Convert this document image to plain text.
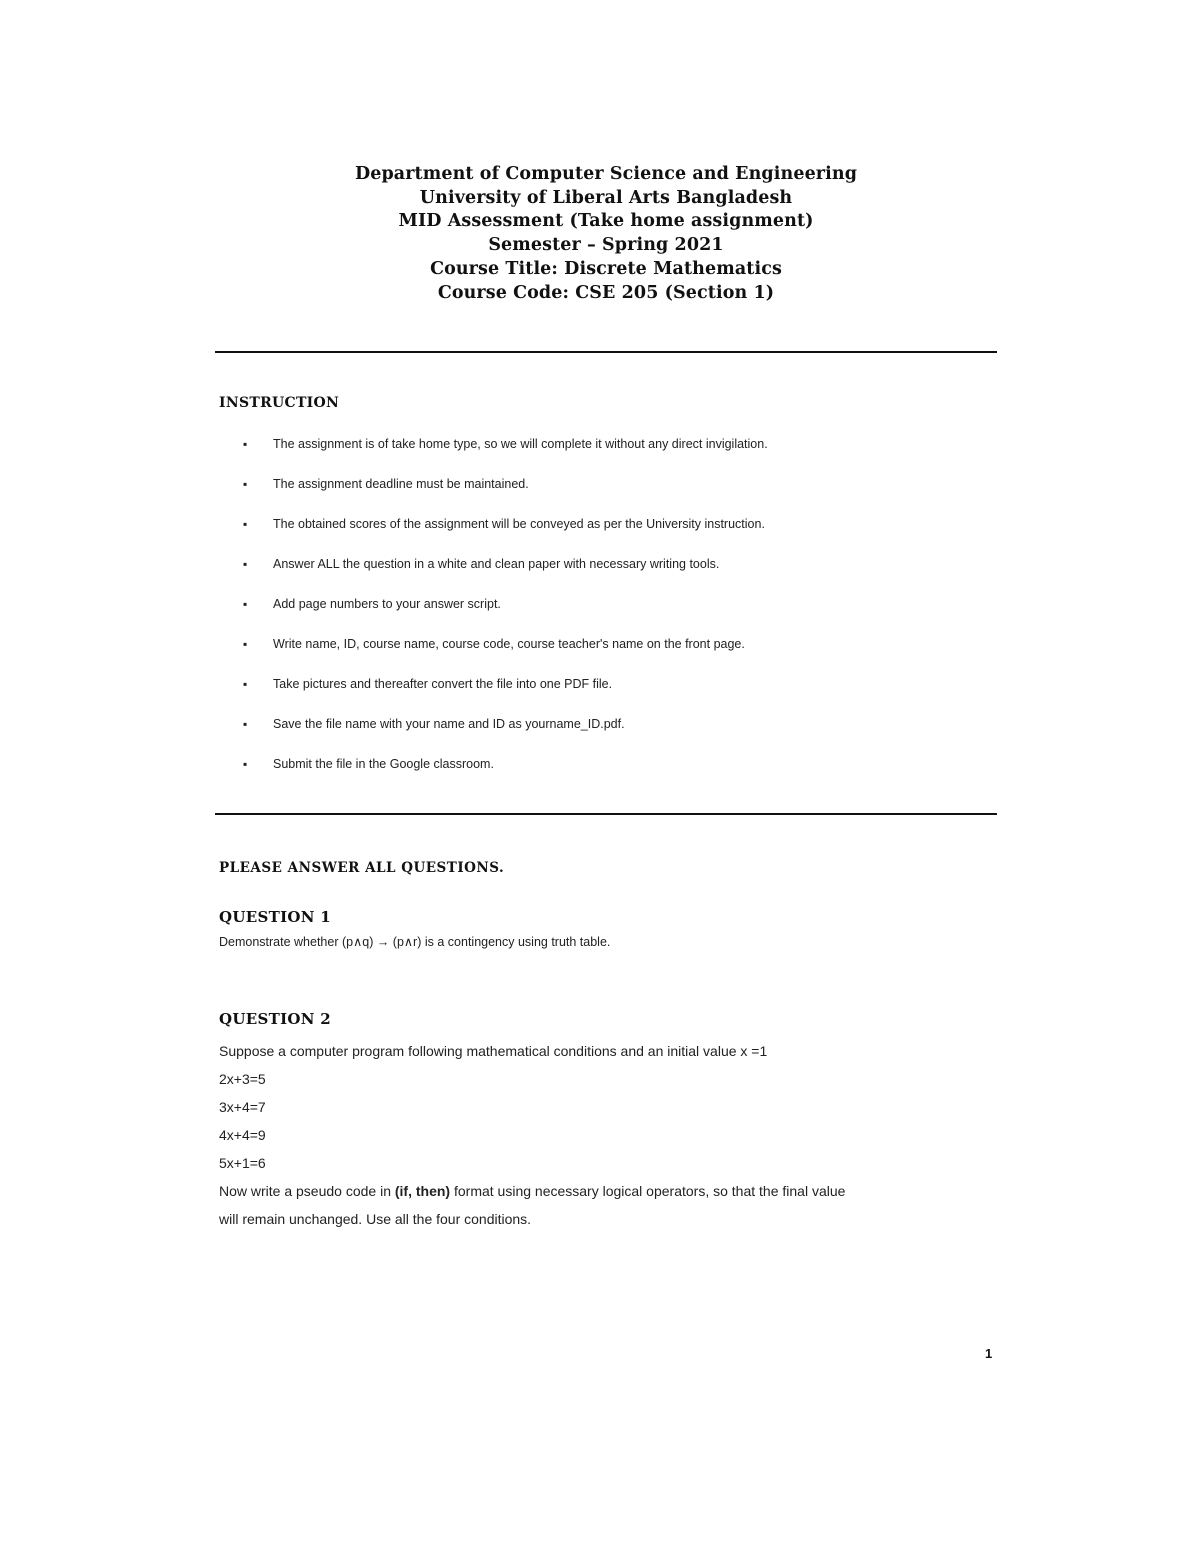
Department of Computer Science and Engineering
University of Liberal Arts Bangladesh
MID Assessment (Take home assignment)
Semester – Spring 2021
Course Title: Discrete Mathematics
Course Code: CSE 205 (Section 1)
INSTRUCTION
▪	The assignment is of take home type, so we will complete it without any direct invigilation.
▪	The assignment deadline must be maintained.
▪	The obtained scores of the assignment will be conveyed as per the University instruction.
▪	Answer ALL the question in a white and clean paper with necessary writing tools.
▪	Add page numbers to your answer script.
▪	Write name, ID, course name, course code, course teacher's name on the front page.
▪	Take pictures and thereafter convert the file into one PDF file.
▪	Save the file name with your name and ID as yourname_ID.pdf.
▪	Submit the file in the Google classroom.
PLEASE ANSWER ALL QUESTIONS.
QUESTION 1
Demonstrate whether (p∧q) → (p∧r) is a contingency using truth table.
QUESTION 2
Suppose a computer program following mathematical conditions and an initial value x =1
2x+3=5
3x+4=7
4x+4=9
5x+1=6
Now write a pseudo code in (if, then) format using necessary logical operators, so that the final value
will remain unchanged. Use all the four conditions.
1
